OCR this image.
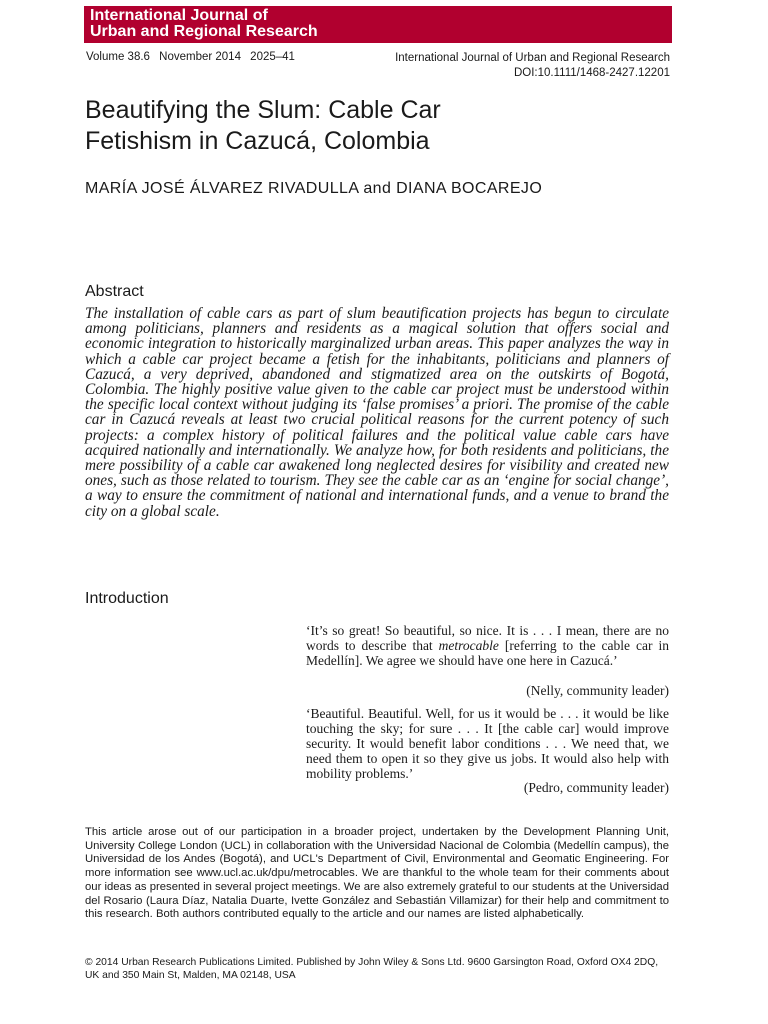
International Journal of
Urban and Regional Research
Volume 38.6 November 2014 2025–41	International Journal of Urban and Regional Research
DOI:10.1111/1468-2427.12201
Beautifying the Slum: Cable Car
Fetishism in Cazucá, Colombia
MARÍA JOSÉ ÁLVAREZ RIVADULLA and DIANA BOCAREJO
Abstract

The installation of cable cars as part of slum beautification projects has begun to circulate among politicians, planners and residents as a magical solution that offers social and economic integration to historically marginalized urban areas. This paper analyzes the way in which a cable car project became a fetish for the inhabitants, politicians and planners of Cazucá, a very deprived, abandoned and stigmatized area on the outskirts of Bogotá, Colombia. The highly positive value given to the cable car project must be understood within the specific local context without judging its ‘false promises’ a priori. The promise of the cable car in Cazucá reveals at least two crucial political reasons for the current potency of such projects: a complex history of political failures and the political value cable cars have acquired nationally and internationally. We analyze how, for both residents and politicians, the mere possibility of a cable car awakened long neglected desires for visibility and created new ones, such as those related to tourism. They see the cable car as an ‘engine for social change’, a way to ensure the commitment of national and international funds, and a venue to brand the city on a global scale.

Introduction

‘It’s so great! So beautiful, so nice. It is . . . I mean, there are no words to describe that metrocable [referring to the cable car in Medellín]. We agree we should have one here in Cazucá.’

(Nelly, community leader)

‘Beautiful. Beautiful. Well, for us it would be . . . it would be like touching the sky; for sure . . . It [the cable car] would improve security. It would benefit labor conditions . . . We need that, we need them to open it so they give us jobs. It would also help with mobility problems.’

(Pedro, community leader)

This article arose out of our participation in a broader project, undertaken by the Development Planning Unit, University College London (UCL) in collaboration with the Universidad Nacional de Colombia (Medellín campus), the Universidad de los Andes (Bogotá), and UCL's Department of Civil, Environmental and Geomatic Engineering. For more information see www.ucl.ac.uk/dpu/metrocables. We are thankful to the whole team for their comments about our ideas as presented in several project meetings. We are also extremely grateful to our students at the Universidad del Rosario (Laura Díaz, Natalia Duarte, Ivette González and Sebastián Villamizar) for their help and commitment to this research. Both authors contributed equally to the article and our names are listed alphabetically.

© 2014 Urban Research Publications Limited. Published by John Wiley & Sons Ltd. 9600 Garsington Road, Oxford OX4 2DQ, UK and 350 Main St, Malden, MA 02148, USA
